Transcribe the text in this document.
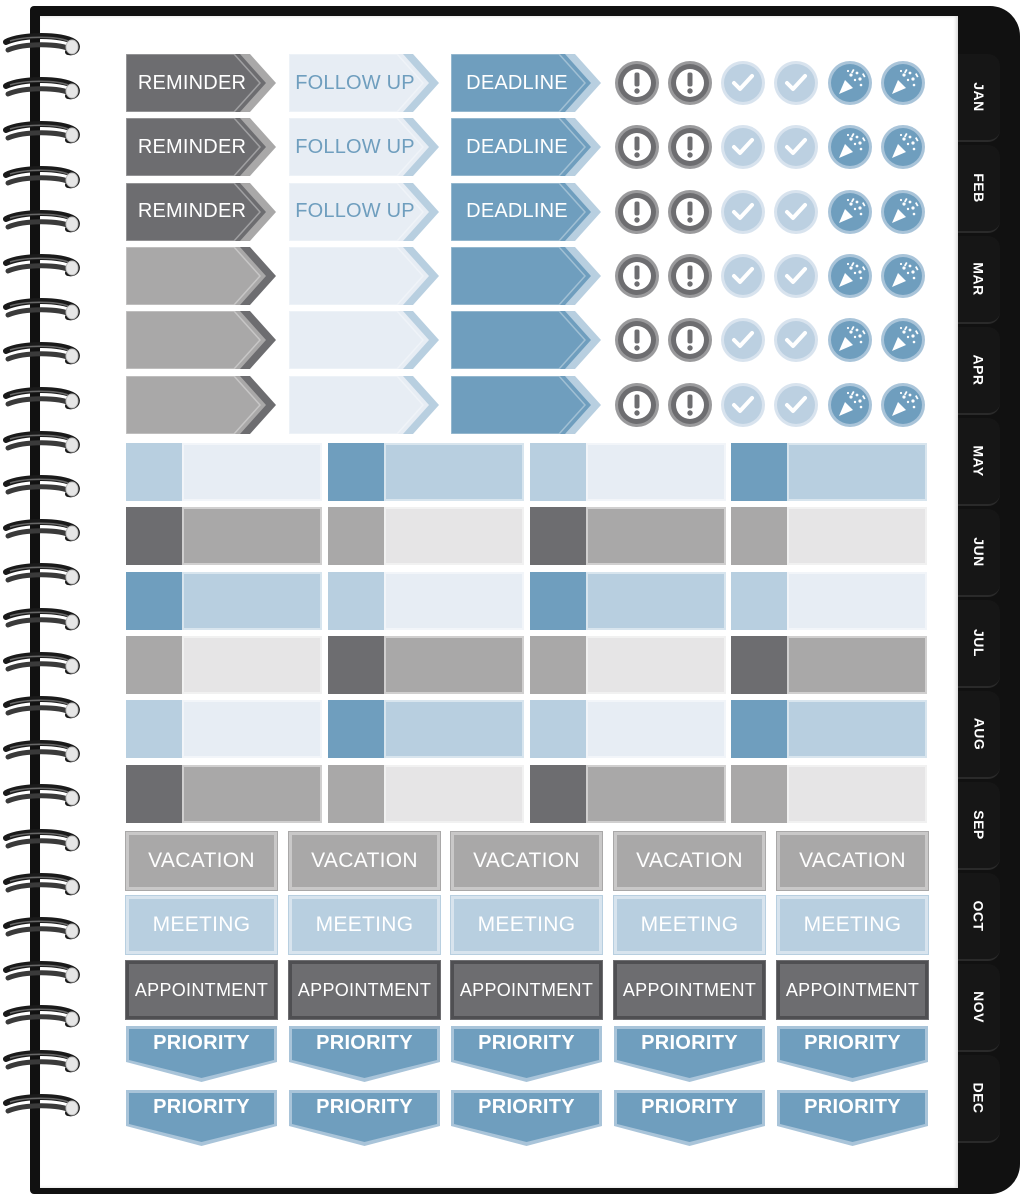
JAN
FEB
MAR
APR
MAY
JUN
JUL
AUG
SEP
OCT
NOV
DEC
REMINDER	FOLLOW UP	DEADLINE
REMINDER	FOLLOW UP	DEADLINE
REMINDER	FOLLOW UP	DEADLINE
VACATION	VACATION	VACATION	VACATION	VACATION
MEETING	MEETING	MEETING	MEETING	MEETING
APPOINTMENT	APPOINTMENT	APPOINTMENT	APPOINTMENT	APPOINTMENT
PRIORITY	PRIORITY	PRIORITY	PRIORITY	PRIORITY
PRIORITY	PRIORITY	PRIORITY	PRIORITY	PRIORITY
